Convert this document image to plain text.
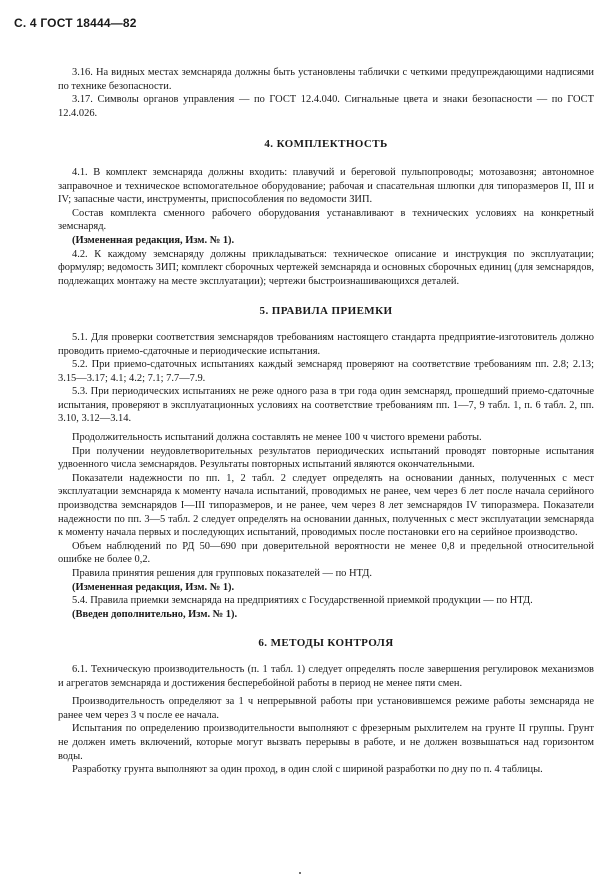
С. 4 ГОСТ 18444—82

3.16. На видных местах земснаряда должны быть установлены таблички с четкими предупреждающими надписями по технике безопасности.

3.17. Символы органов управления — по ГОСТ 12.4.040. Сигнальные цвета и знаки безопасности — по ГОСТ 12.4.026.

4. КОМПЛЕКТНОСТЬ

4.1. В комплект земснаряда должны входить: плавучий и береговой пульпопроводы; мотозавозня; автономное заправочное и техническое вспомогательное оборудование; рабочая и спасательная шлюпки для типоразмеров II, III и IV; запасные части, инструменты, приспособления по ведомости ЗИП.

Состав комплекта сменного рабочего оборудования устанавливают в технических условиях на конкретный земснаряд.

(Измененная редакция, Изм. № 1).

4.2. К каждому земснаряду должны прикладываться: техническое описание и инструкция по эксплуатации; формуляр; ведомость ЗИП; комплект сборочных чертежей земснаряда и основных сборочных единиц (для земснарядов, подлежащих монтажу на месте эксплуатации); чертежи быстроизнашивающихся деталей.

5. ПРАВИЛА ПРИЕМКИ

5.1. Для проверки соответствия земснарядов требованиям настоящего стандарта предприятие-изготовитель должно проводить приемо-сдаточные и периодические испытания.

5.2. При приемо-сдаточных испытаниях каждый земснаряд проверяют на соответствие требованиям пп. 2.8; 2.13; 3.15—3.17; 4.1; 4.2; 7.1; 7.7—7.9.

5.3. При периодических испытаниях не реже одного раза в три года один земснаряд, прошедший приемо-сдаточные испытания, проверяют в эксплуатационных условиях на соответствие требованиям пп. 1—7, 9 табл. 1, п. 6 табл. 2, пп. 3.10, 3.12—3.14.

Продолжительность испытаний должна составлять не менее 100 ч чистого времени работы.

При получении неудовлетворительных результатов периодических испытаний проводят повторные испытания удвоенного числа земснарядов. Результаты повторных испытаний являются окончательными.

Показатели надежности по пп. 1, 2 табл. 2 следует определять на основании данных, полученных с мест эксплуатации земснаряда к моменту начала испытаний, проводимых не ранее, чем через 6 лет после начала серийного производства земснарядов I—III типоразмеров, и не ранее, чем через 8 лет земснарядов IV типоразмера. Показатели надежности по пп. 3—5 табл. 2 следует определять на основании данных, полученных с мест эксплуатации земснаряда к моменту начала первых и последующих испытаний, проводимых после постановки его на серийное производство.

Объем наблюдений по РД 50—690 при доверительной вероятности не менее 0,8 и предельной относительной ошибке не более 0,2.

Правила принятия решения для групповых показателей — по НТД.

(Измененная редакция, Изм. № 1).

5.4. Правила приемки земснаряда на предприятиях с Государственной приемкой продукции — по НТД.

(Введен дополнительно, Изм. № 1).

6. МЕТОДЫ КОНТРОЛЯ

6.1. Техническую производительность (п. 1 табл. 1) следует определять после завершения регулировок механизмов и агрегатов земснаряда и достижения бесперебойной работы в период не менее пяти смен.

Производительность определяют за 1 ч непрерывной работы при установившемся режиме работы земснаряда не ранее чем через 3 ч после ее начала.

Испытания по определению производительности выполняют с фрезерным рыхлителем на грунте II группы. Грунт не должен иметь включений, которые могут вызвать перерывы в работе, и не должен возвышаться над горизонтом воды.

Разработку грунта выполняют за один проход, в один слой с шириной разработки по дну по п. 4 таблицы.
